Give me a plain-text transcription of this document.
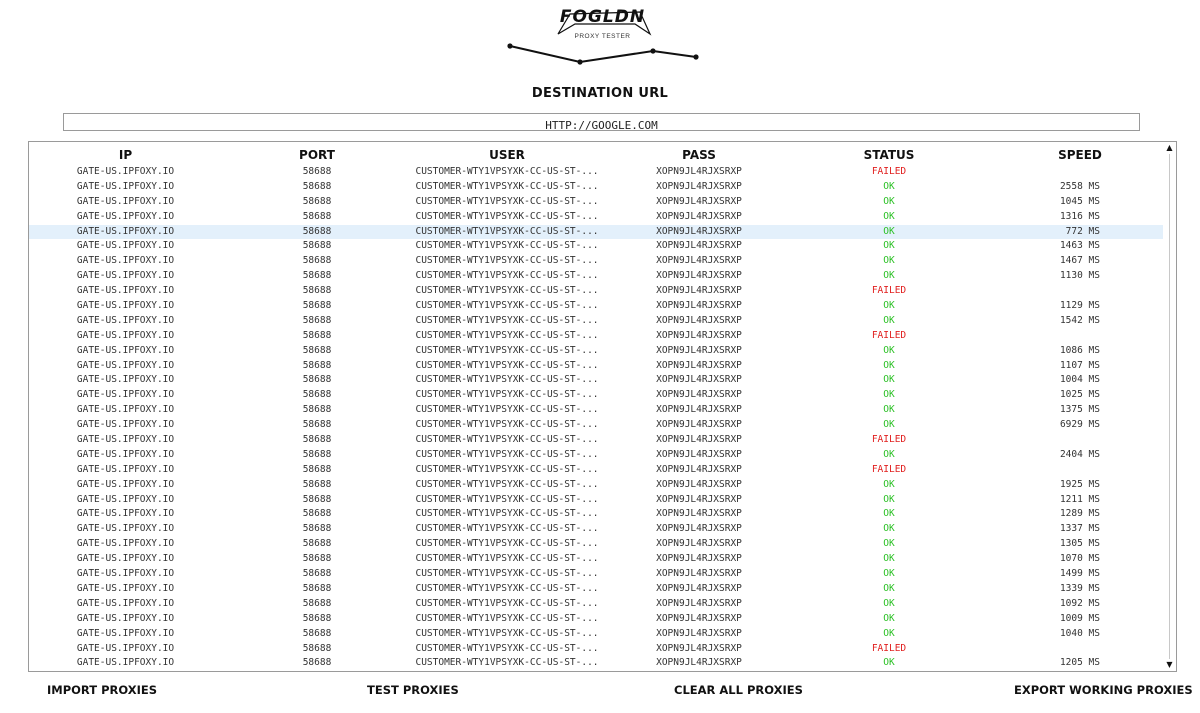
FOGLDN
PROXY TESTER
DESTINATION URL
HTTP://GOOGLE.COM
IP	PORT	USER	PASS	STATUS	SPEED
GATE-US.IPFOXY.IO	58688	CUSTOMER-WTY1VPSYXK-CC-US-ST-...	XOPN9JL4RJXSRXP	FAILED
GATE-US.IPFOXY.IO	58688	CUSTOMER-WTY1VPSYXK-CC-US-ST-...	XOPN9JL4RJXSRXP	OK	2558 MS
GATE-US.IPFOXY.IO	58688	CUSTOMER-WTY1VPSYXK-CC-US-ST-...	XOPN9JL4RJXSRXP	OK	1045 MS
GATE-US.IPFOXY.IO	58688	CUSTOMER-WTY1VPSYXK-CC-US-ST-...	XOPN9JL4RJXSRXP	OK	1316 MS
GATE-US.IPFOXY.IO	58688	CUSTOMER-WTY1VPSYXK-CC-US-ST-...	XOPN9JL4RJXSRXP	OK	772 MS
GATE-US.IPFOXY.IO	58688	CUSTOMER-WTY1VPSYXK-CC-US-ST-...	XOPN9JL4RJXSRXP	OK	1463 MS
GATE-US.IPFOXY.IO	58688	CUSTOMER-WTY1VPSYXK-CC-US-ST-...	XOPN9JL4RJXSRXP	OK	1467 MS
GATE-US.IPFOXY.IO	58688	CUSTOMER-WTY1VPSYXK-CC-US-ST-...	XOPN9JL4RJXSRXP	OK	1130 MS
GATE-US.IPFOXY.IO	58688	CUSTOMER-WTY1VPSYXK-CC-US-ST-...	XOPN9JL4RJXSRXP	FAILED
GATE-US.IPFOXY.IO	58688	CUSTOMER-WTY1VPSYXK-CC-US-ST-...	XOPN9JL4RJXSRXP	OK	1129 MS
GATE-US.IPFOXY.IO	58688	CUSTOMER-WTY1VPSYXK-CC-US-ST-...	XOPN9JL4RJXSRXP	OK	1542 MS
GATE-US.IPFOXY.IO	58688	CUSTOMER-WTY1VPSYXK-CC-US-ST-...	XOPN9JL4RJXSRXP	FAILED
GATE-US.IPFOXY.IO	58688	CUSTOMER-WTY1VPSYXK-CC-US-ST-...	XOPN9JL4RJXSRXP	OK	1086 MS
GATE-US.IPFOXY.IO	58688	CUSTOMER-WTY1VPSYXK-CC-US-ST-...	XOPN9JL4RJXSRXP	OK	1107 MS
GATE-US.IPFOXY.IO	58688	CUSTOMER-WTY1VPSYXK-CC-US-ST-...	XOPN9JL4RJXSRXP	OK	1004 MS
GATE-US.IPFOXY.IO	58688	CUSTOMER-WTY1VPSYXK-CC-US-ST-...	XOPN9JL4RJXSRXP	OK	1025 MS
GATE-US.IPFOXY.IO	58688	CUSTOMER-WTY1VPSYXK-CC-US-ST-...	XOPN9JL4RJXSRXP	OK	1375 MS
GATE-US.IPFOXY.IO	58688	CUSTOMER-WTY1VPSYXK-CC-US-ST-...	XOPN9JL4RJXSRXP	OK	6929 MS
GATE-US.IPFOXY.IO	58688	CUSTOMER-WTY1VPSYXK-CC-US-ST-...	XOPN9JL4RJXSRXP	FAILED
GATE-US.IPFOXY.IO	58688	CUSTOMER-WTY1VPSYXK-CC-US-ST-...	XOPN9JL4RJXSRXP	OK	2404 MS
GATE-US.IPFOXY.IO	58688	CUSTOMER-WTY1VPSYXK-CC-US-ST-...	XOPN9JL4RJXSRXP	FAILED
GATE-US.IPFOXY.IO	58688	CUSTOMER-WTY1VPSYXK-CC-US-ST-...	XOPN9JL4RJXSRXP	OK	1925 MS
GATE-US.IPFOXY.IO	58688	CUSTOMER-WTY1VPSYXK-CC-US-ST-...	XOPN9JL4RJXSRXP	OK	1211 MS
GATE-US.IPFOXY.IO	58688	CUSTOMER-WTY1VPSYXK-CC-US-ST-...	XOPN9JL4RJXSRXP	OK	1289 MS
GATE-US.IPFOXY.IO	58688	CUSTOMER-WTY1VPSYXK-CC-US-ST-...	XOPN9JL4RJXSRXP	OK	1337 MS
GATE-US.IPFOXY.IO	58688	CUSTOMER-WTY1VPSYXK-CC-US-ST-...	XOPN9JL4RJXSRXP	OK	1305 MS
GATE-US.IPFOXY.IO	58688	CUSTOMER-WTY1VPSYXK-CC-US-ST-...	XOPN9JL4RJXSRXP	OK	1070 MS
GATE-US.IPFOXY.IO	58688	CUSTOMER-WTY1VPSYXK-CC-US-ST-...	XOPN9JL4RJXSRXP	OK	1499 MS
GATE-US.IPFOXY.IO	58688	CUSTOMER-WTY1VPSYXK-CC-US-ST-...	XOPN9JL4RJXSRXP	OK	1339 MS
GATE-US.IPFOXY.IO	58688	CUSTOMER-WTY1VPSYXK-CC-US-ST-...	XOPN9JL4RJXSRXP	OK	1092 MS
GATE-US.IPFOXY.IO	58688	CUSTOMER-WTY1VPSYXK-CC-US-ST-...	XOPN9JL4RJXSRXP	OK	1009 MS
GATE-US.IPFOXY.IO	58688	CUSTOMER-WTY1VPSYXK-CC-US-ST-...	XOPN9JL4RJXSRXP	OK	1040 MS
GATE-US.IPFOXY.IO	58688	CUSTOMER-WTY1VPSYXK-CC-US-ST-...	XOPN9JL4RJXSRXP	FAILED
GATE-US.IPFOXY.IO	58688	CUSTOMER-WTY1VPSYXK-CC-US-ST-...	XOPN9JL4RJXSRXP	OK	1205 MS
▲
▼
IMPORT PROXIES	TEST PROXIES	CLEAR ALL PROXIES	EXPORT WORKING PROXIES
